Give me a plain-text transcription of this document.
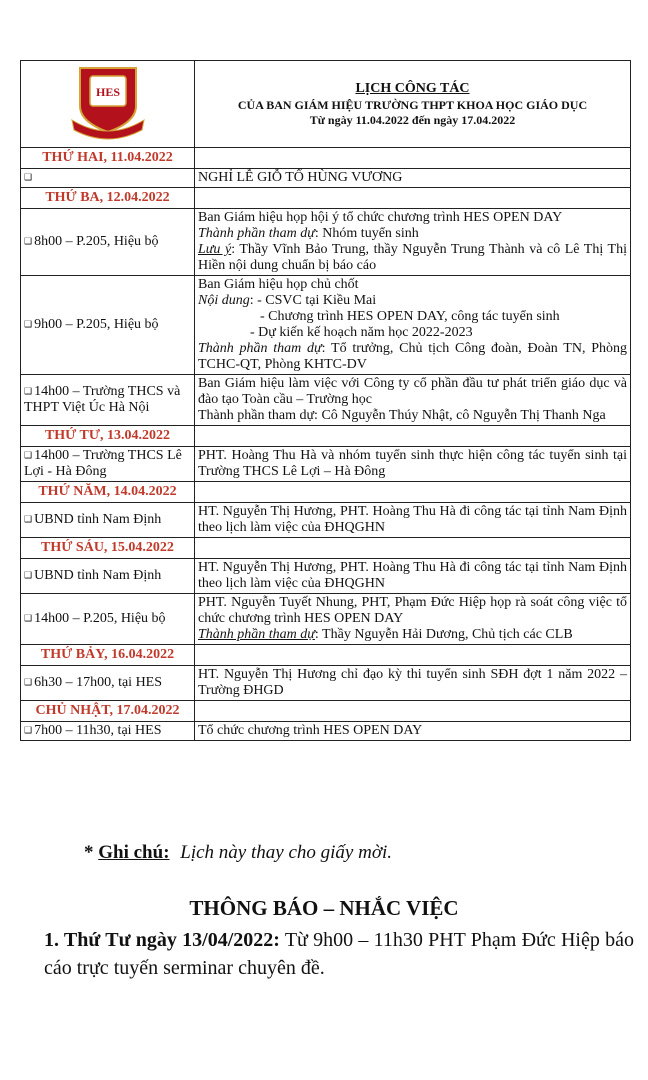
HES	LỊCH CÔNG TÁC
CỦA BAN GIÁM HIỆU TRƯỜNG THPT KHOA HỌC GIÁO DỤC
Từ ngày 11.04.2022 đến ngày 17.04.2022

THỨ HAI, 11.04.2022	
❑	NGHỈ LỄ GIỖ TỔ HÙNG VƯƠNG

THỨ BA, 12.04.2022	
❑ 8h00 – P.205, Hiệu bộ	Ban Giám hiệu họp hội ý tổ chức chương trình HES OPEN DAY
Thành phần tham dự: Nhóm tuyển sinh
Lưu ý: Thầy Vĩnh Bảo Trung, thầy Nguyễn Trung Thành và cô Lê Thị Thị Hiền nội dung chuẩn bị báo cáo

❑ 9h00 – P.205, Hiệu bộ	Ban Giám hiệu họp chủ chốt
Nội dung: - CSVC tại Kiều Mai
- Chương trình HES OPEN DAY, công tác tuyển sinh
- Dự kiến kế hoạch năm học 2022-2023
Thành phần tham dự: Tổ trưởng, Chủ tịch Công đoàn, Đoàn TN, Phòng TCHC-QT, Phòng KHTC-DV

❑ 14h00 – Trường THCS và THPT Việt Úc Hà Nội	Ban Giám hiệu làm việc với Công ty cổ phần đầu tư phát triển giáo dục và đào tạo Toàn cầu – Trường học
Thành phần tham dự: Cô Nguyễn Thúy Nhật, cô Nguyễn Thị Thanh Nga

THỨ TƯ, 13.04.2022	
❑ 14h00 – Trường THCS Lê Lợi - Hà Đông	PHT. Hoàng Thu Hà và nhóm tuyển sinh thực hiện công tác tuyển sinh tại Trường THCS Lê Lợi – Hà Đông

THỨ NĂM, 14.04.2022	
❑ UBND tỉnh Nam Định	HT. Nguyễn Thị Hương, PHT. Hoàng Thu Hà đi công tác tại tỉnh Nam Định theo lịch làm việc của ĐHQGHN

THỨ SÁU, 15.04.2022	
❑ UBND tỉnh Nam Định	HT. Nguyễn Thị Hương, PHT. Hoàng Thu Hà đi công tác tại tỉnh Nam Định theo lịch làm việc của ĐHQGHN

❑ 14h00 – P.205, Hiệu bộ	PHT. Nguyễn Tuyết Nhung, PHT, Phạm Đức Hiệp họp rà soát công việc tổ chức chương trình HES OPEN DAY
Thành phần tham dự: Thầy Nguyễn Hải Dương, Chủ tịch các CLB

THỨ BẢY, 16.04.2022	
❑ 6h30 – 17h00, tại HES	HT. Nguyễn Thị Hương chỉ đạo kỳ thi tuyển sinh SĐH đợt 1 năm 2022 – Trường ĐHGD

CHỦ NHẬT, 17.04.2022	
❑ 7h00 – 11h30, tại HES	Tổ chức chương trình HES OPEN DAY
* Ghi chú: Lịch này thay cho giấy mời.
THÔNG BÁO – NHẮC VIỆC
1. Thứ Tư ngày 13/04/2022: Từ 9h00 – 11h30 PHT Phạm Đức Hiệp báo cáo trực tuyến serminar chuyên đề.
